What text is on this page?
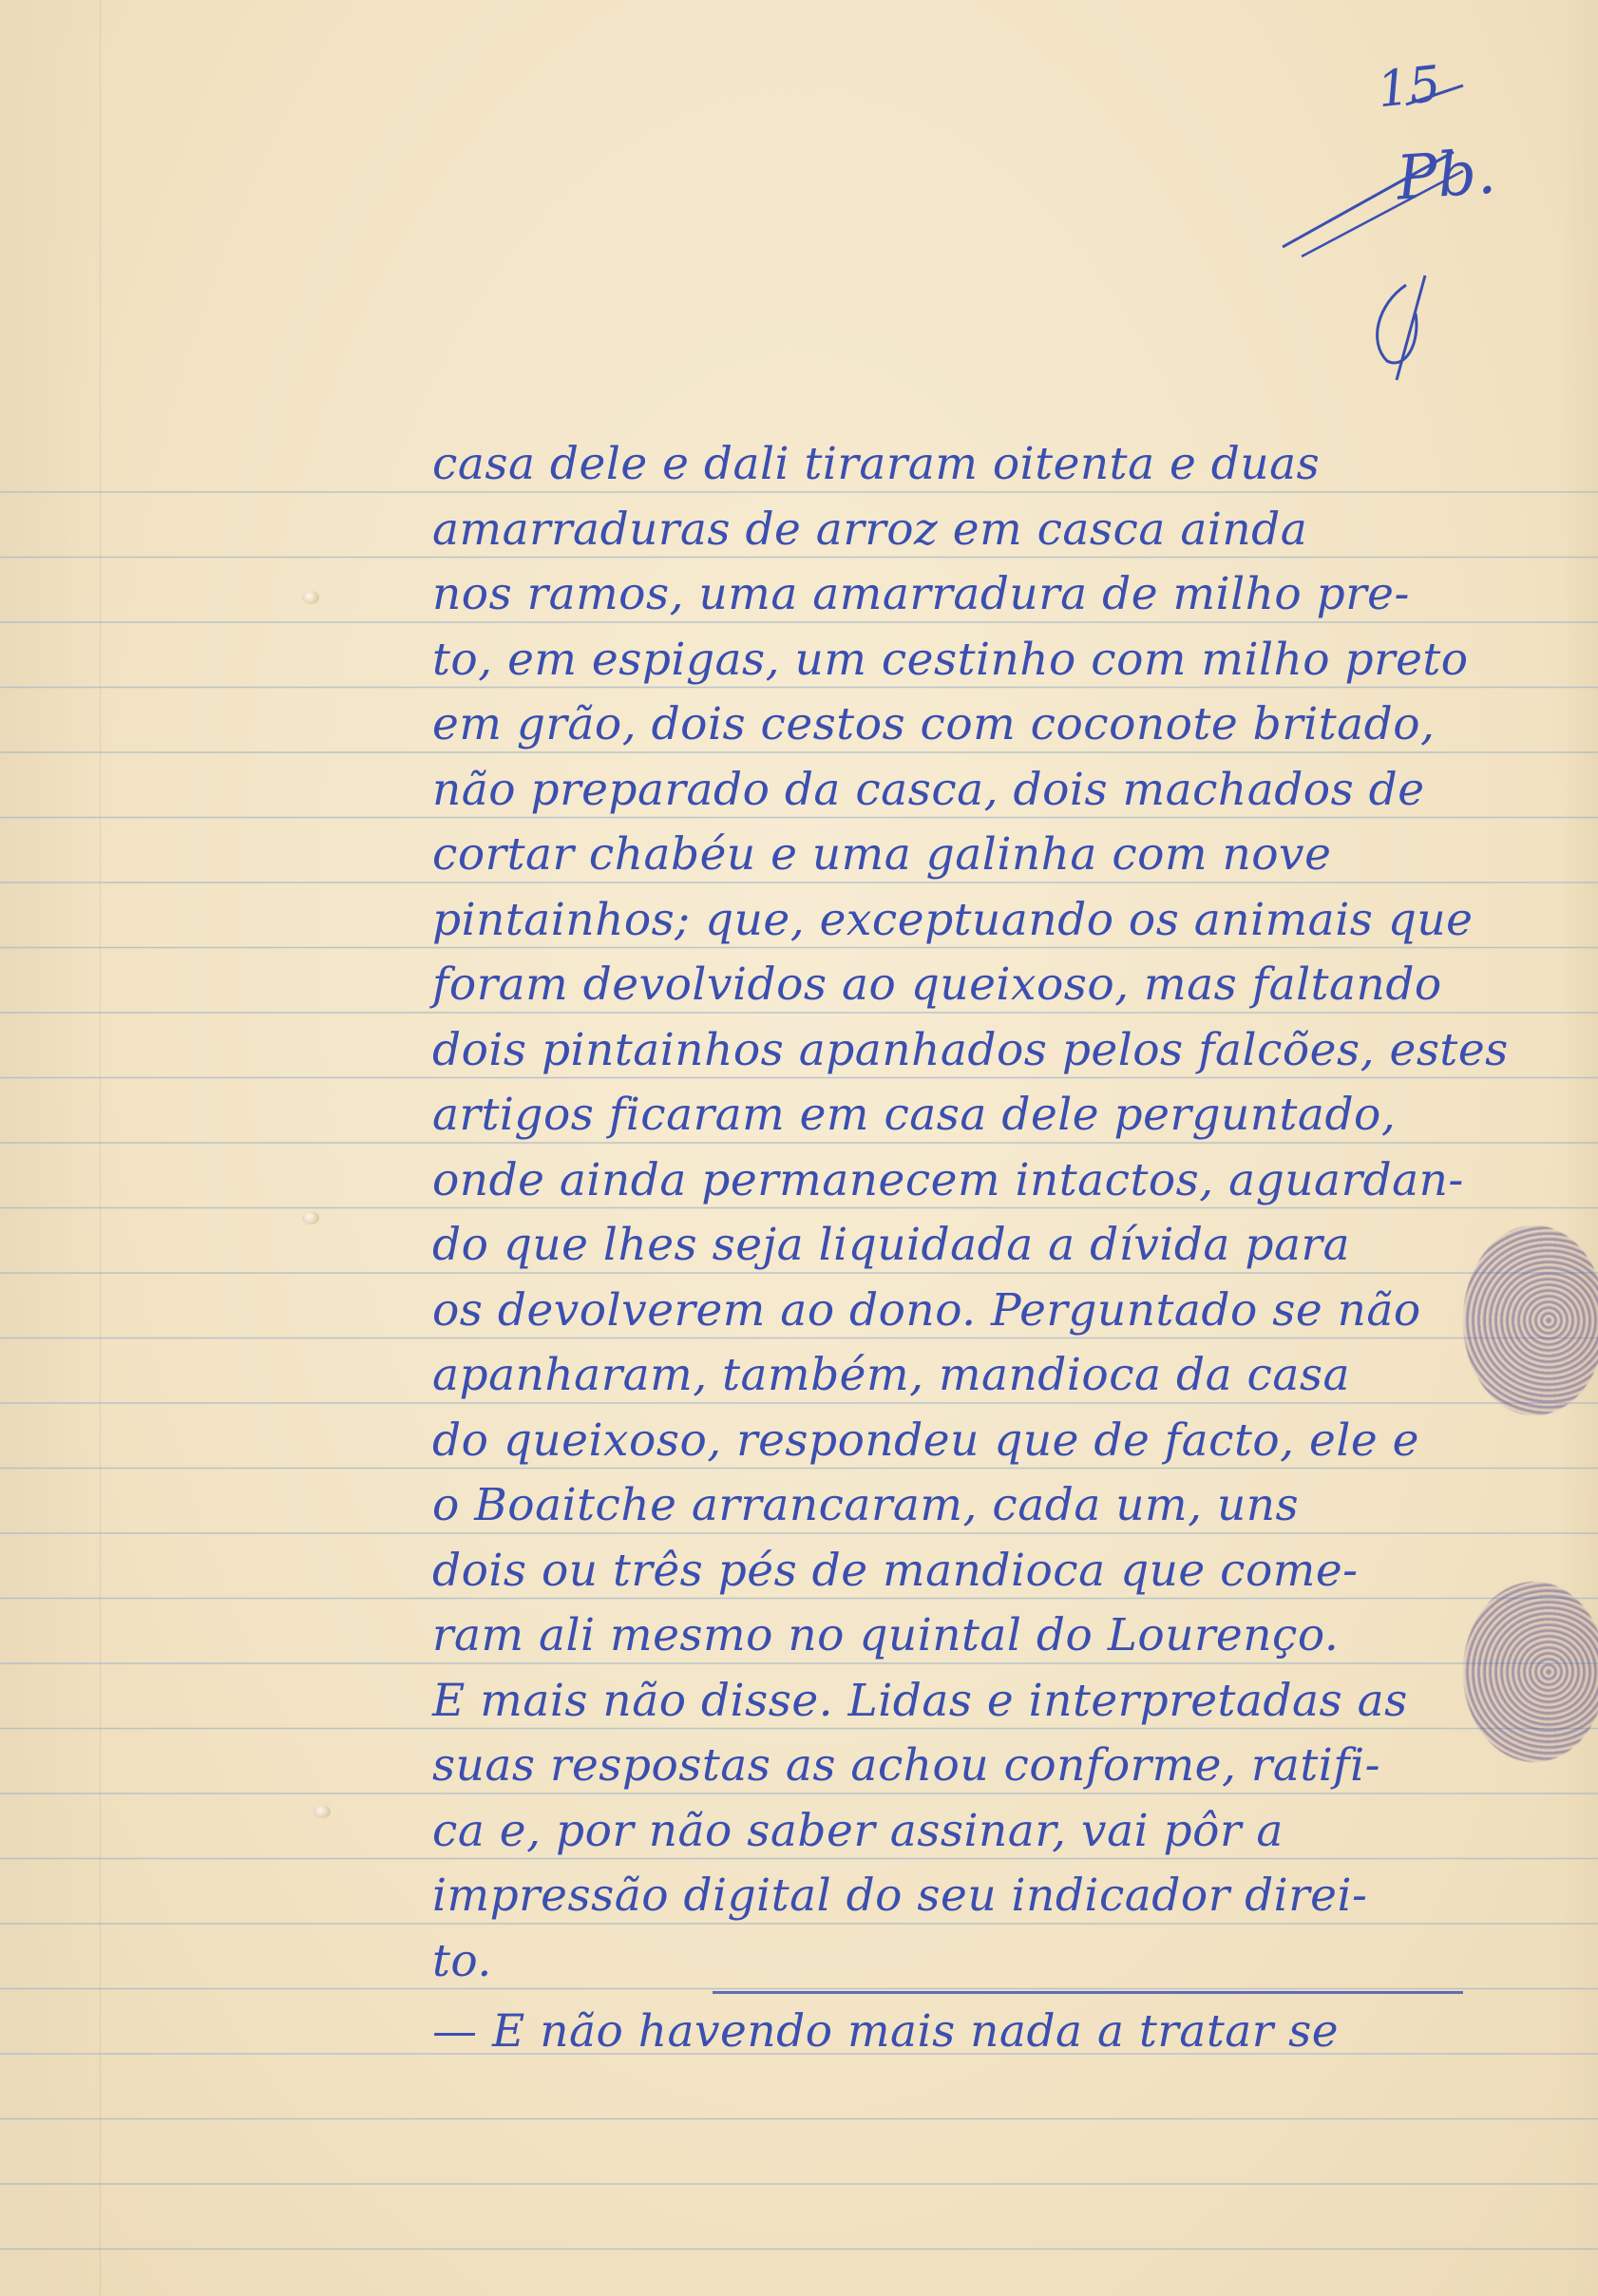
15
Pb.
casa dele e dali tiraram oitenta e duas
amarraduras de arroz em casca ainda
nos ramos, uma amarradura de milho pre-
to, em espigas, um cestinho com milho preto
em grão, dois cestos com coconote britado,
não preparado da casca, dois machados de
cortar chabéu e uma galinha com nove
pintainhos; que, exceptuando os animais que
foram devolvidos ao queixoso, mas faltando
dois pintainhos apanhados pelos falcões, estes
artigos ficaram em casa dele perguntado,
onde ainda permanecem intactos, aguardan-
do que lhes seja liquidada a dívida para
os devolverem ao dono. Perguntado se não
apanharam, também, mandioca da casa
do queixoso, respondeu que de facto, ele e
o Boaitche arrancaram, cada um, uns
dois ou três pés de mandioca que come-
ram ali mesmo no quintal do Lourenço.
E mais não disse. Lidas e interpretadas as
suas respostas as achou conforme, ratifi-
ca e, por não saber assinar, vai pôr a
impressão digital do seu indicador direi-
to.
— E não havendo mais nada a tratar se
